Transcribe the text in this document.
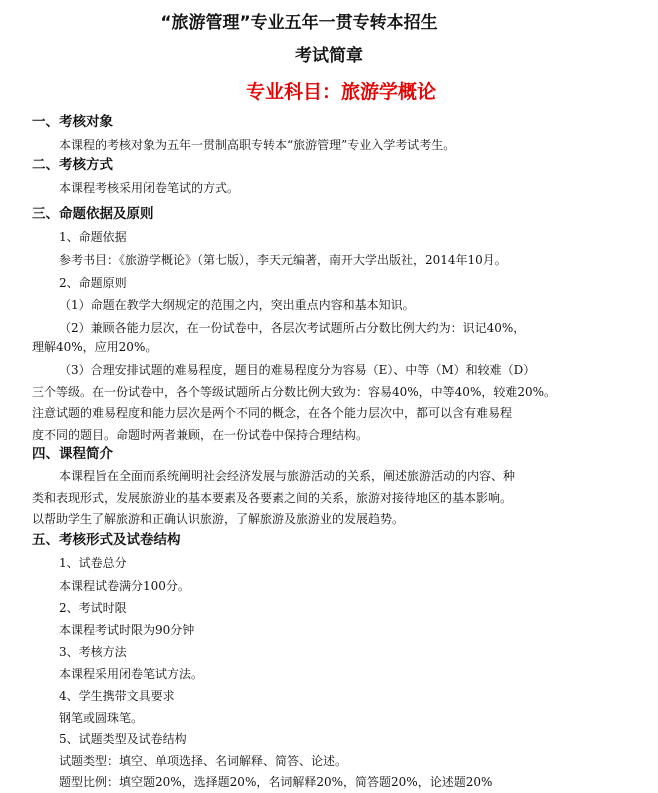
“旅游管理”专业五年一贯专转本招生
考试简章
专业科目：旅游学概论
一、考核对象
本课程的考核对象为五年一贯制高职专转本“旅游管理”专业入学考试考生。
二、考核方式
本课程考核采用闭卷笔试的方式。
三、命题依据及原则
1、命题依据
参考书目：《旅游学概论》（第七版），李天元编著，南开大学出版社，2014年10月。
2、命题原则
（1）命题在教学大纲规定的范围之内，突出重点内容和基本知识。
（2）兼顾各能力层次，在一份试卷中，各层次考试题所占分数比例大约为：识记40%，
理解40%，应用20%。
（3）合理安排试题的难易程度，题目的难易程度分为容易（E）、中等（M）和较难（D）
三个等级。在一份试卷中，各个等级试题所占分数比例大致为：容易40%，中等40%，较难20%。
注意试题的难易程度和能力层次是两个不同的概念，在各个能力层次中，都可以含有难易程
度不同的题目。命题时两者兼顾，在一份试卷中保持合理结构。
四、课程简介
本课程旨在全面而系统阐明社会经济发展与旅游活动的关系，阐述旅游活动的内容、种
类和表现形式，发展旅游业的基本要素及各要素之间的关系，旅游对接待地区的基本影响。
以帮助学生了解旅游和正确认识旅游，了解旅游及旅游业的发展趋势。
五、考核形式及试卷结构
1、试卷总分
本课程试卷满分100分。
2、考试时限
本课程考试时限为90分钟
3、考核方法
本课程采用闭卷笔试方法。
4、学生携带文具要求
钢笔或圆珠笔。
5、试题类型及试卷结构
试题类型：填空、单项选择、名词解释、简答、论述。
题型比例：填空题20%，选择题20%，名词解释20%，简答题20%，论述题20%
